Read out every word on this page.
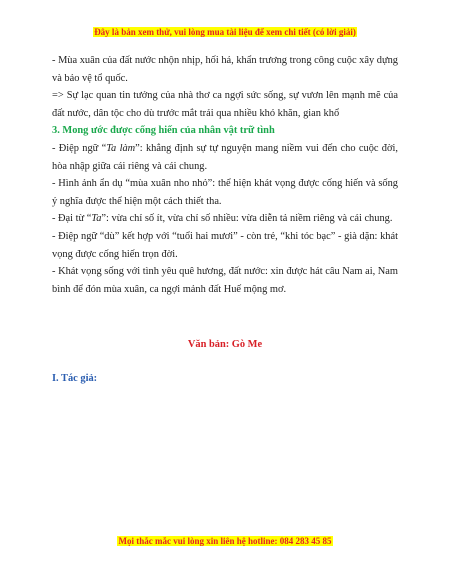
Đây là bản xem thử, vui lòng mua tài liệu để xem chi tiết (có lời giải)

- Mùa xuân của đất nước nhộn nhịp, hối hả, khẩn trương trong công cuộc xây dựng và bảo vệ tổ quốc.

=> Sự lạc quan tin tưởng của nhà thơ ca ngợi sức sống, sự vươn lên mạnh mẽ của đất nước, dân tộc cho dù trước mắt trải qua nhiều khó khăn, gian khổ

3. Mong ước được cống hiến của nhân vật trữ tình

- Điệp ngữ “Ta làm”: khẳng định sự tự nguyện mang niềm vui đến cho cuộc đời, hòa nhập giữa cái riêng và cái chung.

- Hình ảnh ẩn dụ “mùa xuân nho nhỏ”: thể hiện khát vọng được cống hiến và sống ý nghĩa được thể hiện một cách thiết tha.

- Đại từ “Ta”: vừa chỉ số ít, vừa chỉ số nhiều: vừa diễn tả niềm riêng và cái chung.

- Điệp ngữ “dù” kết hợp với “tuổi hai mươi” - còn trẻ, “khi tóc bạc” - già dặn: khát vọng được cống hiến trọn đời.

- Khát vọng sống với tình yêu quê hương, đất nước: xin được hát câu Nam ai, Nam bình để đón mùa xuân, ca ngợi mảnh đất Huế mộng mơ.

Văn bản: Gò Me

I. Tác giả:

Mọi thắc mắc vui lòng xin liên hệ hotline: 084 283 45 85
